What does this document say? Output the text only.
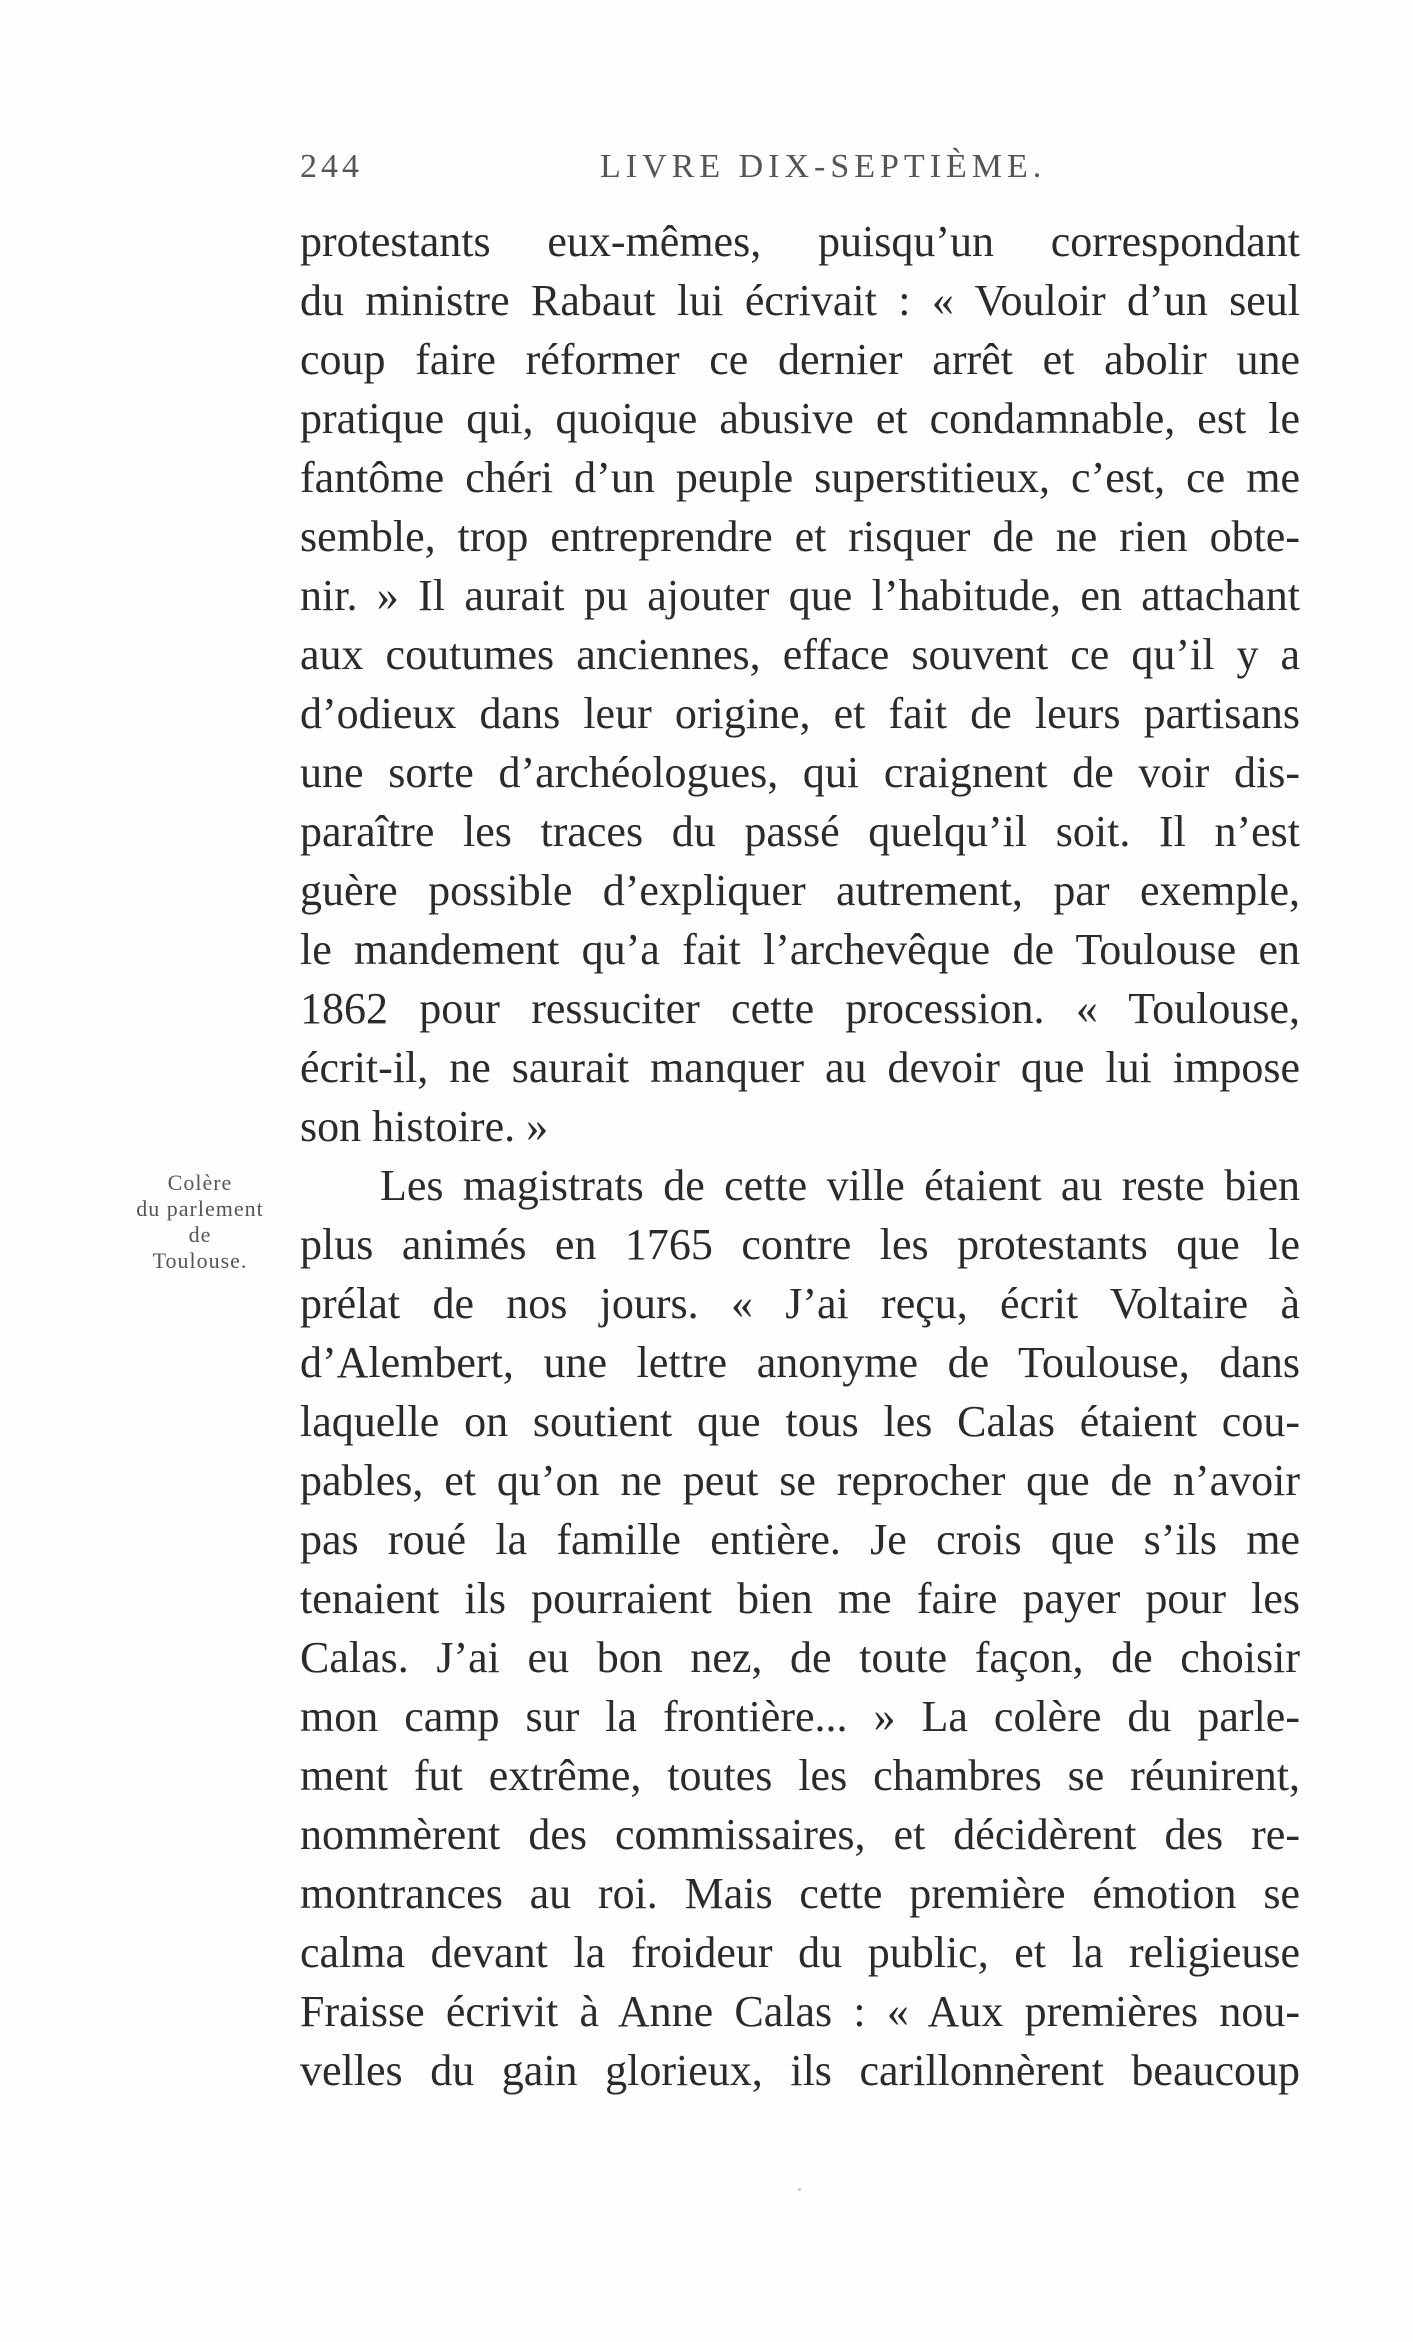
244	LIVRE DIX-SEPTIÈME.
Colère
du parlement
de
Toulouse.
protestants eux-mêmes, puisqu’un correspondant
du ministre Rabaut lui écrivait : « Vouloir d’un seul
coup faire réformer ce dernier arrêt et abolir une
pratique qui, quoique abusive et condamnable, est le
fantôme chéri d’un peuple superstitieux, c’est, ce me
semble, trop entreprendre et risquer de ne rien obte-
nir. » Il aurait pu ajouter que l’habitude, en attachant
aux coutumes anciennes, efface souvent ce qu’il y a
d’odieux dans leur origine, et fait de leurs partisans
une sorte d’archéologues, qui craignent de voir dis-
paraître les traces du passé quelqu’il soit. Il n’est
guère possible d’expliquer autrement, par exemple,
le mandement qu’a fait l’archevêque de Toulouse en
1862 pour ressuciter cette procession. « Toulouse,
écrit-il, ne saurait manquer au devoir que lui impose
son histoire. »
Les magistrats de cette ville étaient au reste bien
plus animés en 1765 contre les protestants que le
prélat de nos jours. « J’ai reçu, écrit Voltaire à
d’Alembert, une lettre anonyme de Toulouse, dans
laquelle on soutient que tous les Calas étaient cou-
pables, et qu’on ne peut se reprocher que de n’avoir
pas roué la famille entière. Je crois que s’ils me
tenaient ils pourraient bien me faire payer pour les
Calas. J’ai eu bon nez, de toute façon, de choisir
mon camp sur la frontière... » La colère du parle-
ment fut extrême, toutes les chambres se réunirent,
nommèrent des commissaires, et décidèrent des re-
montrances au roi. Mais cette première émotion se
calma devant la froideur du public, et la religieuse
Fraisse écrivit à Anne Calas : « Aux premières nou-
velles du gain glorieux, ils carillonnèrent beaucoup
